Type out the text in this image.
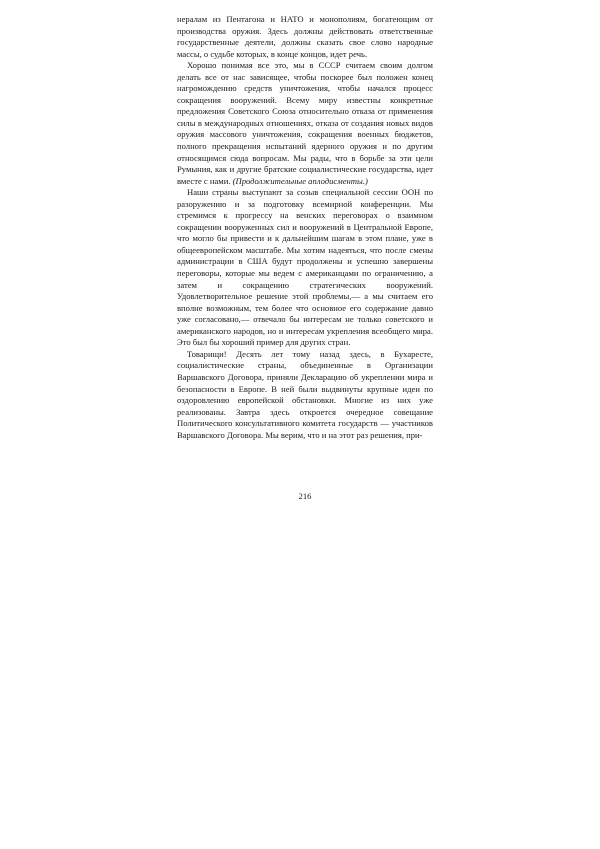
нералам из Пентагона и НАТО и монополиям, богатеющим от производства оружия. Здесь должны действовать ответственные государственные деятели, должны сказать свое слово народные массы, о судьбе которых, в конце концов, идет речь.

Хорошо понимая все это, мы в СССР считаем своим долгом делать все от нас зависящее, чтобы поскорее был положен конец нагромождению средств уничтожения, чтобы начался процесс сокращения вооружений. Всему миру известны конкретные предложения Советского Союза относительно отказа от применения силы в международных отношениях, отказа от создания новых видов оружия массового уничтожения, сокращения военных бюджетов, полного прекращения испытаний ядерного оружия и по другим относящимся сюда вопросам. Мы рады, что в борьбе за эти цели Румыния, как и другие братские социалистические государства, идет вместе с нами. (Продолжительные аплодисменты.)

Наши страны выступают за созыв специальной сессии ООН по разоружению и за подготовку всемирной конференции. Мы стремимся к прогрессу на венских переговорах о взаимном сокращении вооруженных сил и вооружений в Центральной Европе, что могло бы привести и к дальнейшим шагам в этом плане, уже в общеевропейском масштабе. Мы хотим надеяться, что после смены администрации в США будут продолжены и успешно завершены переговоры, которые мы ведем с американцами по ограничению, а затем и сокращению стратегических вооружений. Удовлетворительное решение этой проблемы,— а мы считаем его вполне возможным, тем более что основное его содержание давно уже согласовано,— отвечало бы интересам не только советского и американского народов, но и интересам укрепления всеобщего мира. Это был бы хороший пример для других стран.

Товарищи! Десять лет тому назад здесь, в Бухаресте, социалистические страны, объединенные в Организации Варшавского Договора, приняли Декларацию об укреплении мира и безопасности в Европе. В ней были выдвинуты крупные идеи по оздоровлению европейской обстановки. Многие из них уже реализованы. Завтра здесь откроется очередное совещание Политического консультативного комитета государств — участников Варшавского Договора. Мы верим, что и на этот раз решения, при-

216
